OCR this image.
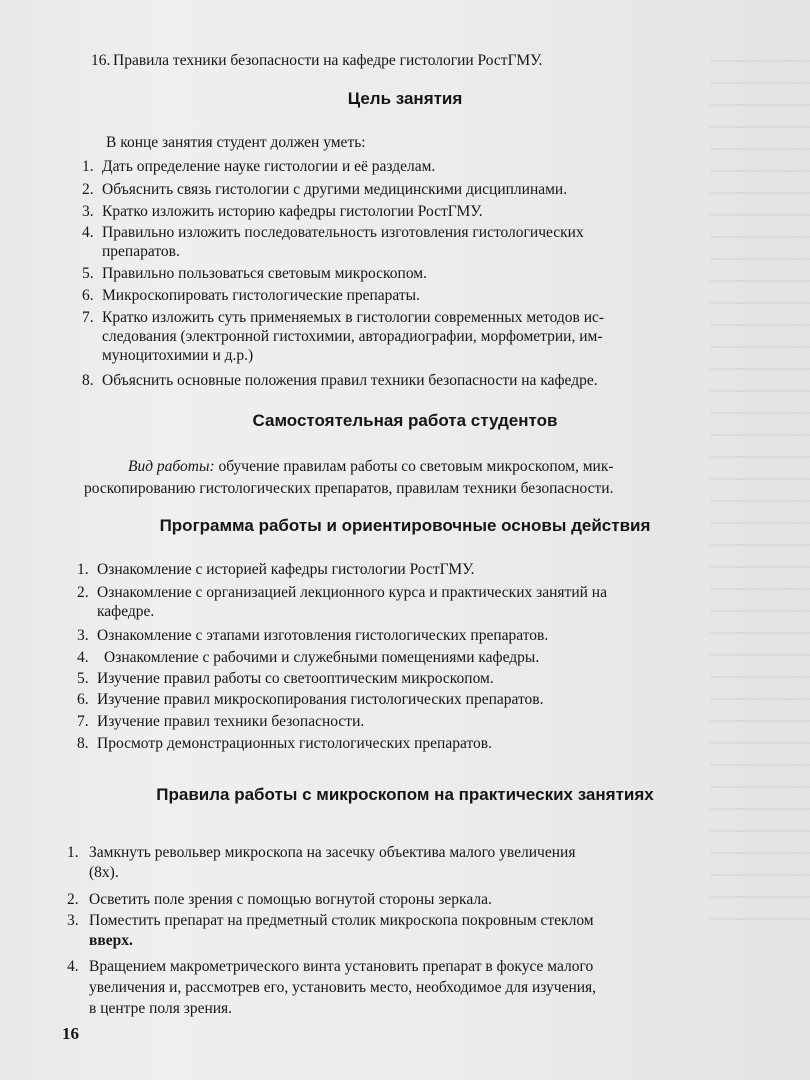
16. Правила техники безопасности на кафедре гистологии РостГМУ.
Цель занятия
В конце занятия студент должен уметь:
1. Дать определение науке гистологии и её разделам.
2. Объяснить связь гистологии с другими медицинскими дисциплинами.
3. Кратко изложить историю кафедры гистологии РостГМУ.
4. Правильно изложить последовательность изготовления гистологических
препаратов.
5. Правильно пользоваться световым микроскопом.
6. Микроскопировать гистологические препараты.
7. Кратко изложить суть применяемых в гистологии современных методов ис-
следования (электронной гистохимии, авторадиографии, морфометрии, им-
муноцитохимии и д.р.)
8. Объяснить основные положения правил техники безопасности на кафедре.
Самостоятельная работа студентов
Вид работы: обучение правилам работы со световым микроскопом, мик-
роскопированию гистологических препаратов, правилам техники безопасности.
Программа работы и ориентировочные основы действия
1. Ознакомление с историей кафедры гистологии РостГМУ.
2. Ознакомление с организацией лекционного курса и практических занятий на
кафедре.
3. Ознакомление с этапами изготовления гистологических препаратов.
4. Ознакомление с рабочими и служебными помещениями кафедры.
5. Изучение правил работы со светооптическим микроскопом.
6. Изучение правил микроскопирования гистологических препаратов.
7. Изучение правил техники безопасности.
8. Просмотр демонстрационных гистологических препаратов.
Правила работы с микроскопом на практических занятиях
1. Замкнуть револьвер микроскопа на засечку объектива малого увеличения
(8х).
2. Осветить поле зрения с помощью вогнутой стороны зеркала.
3. Поместить препарат на предметный столик микроскопа покровным стеклом
вверх.
4. Вращением макрометрического винта установить препарат в фокусе малого
увеличения и, рассмотрев его, установить место, необходимое для изучения,
в центре поля зрения.
16
